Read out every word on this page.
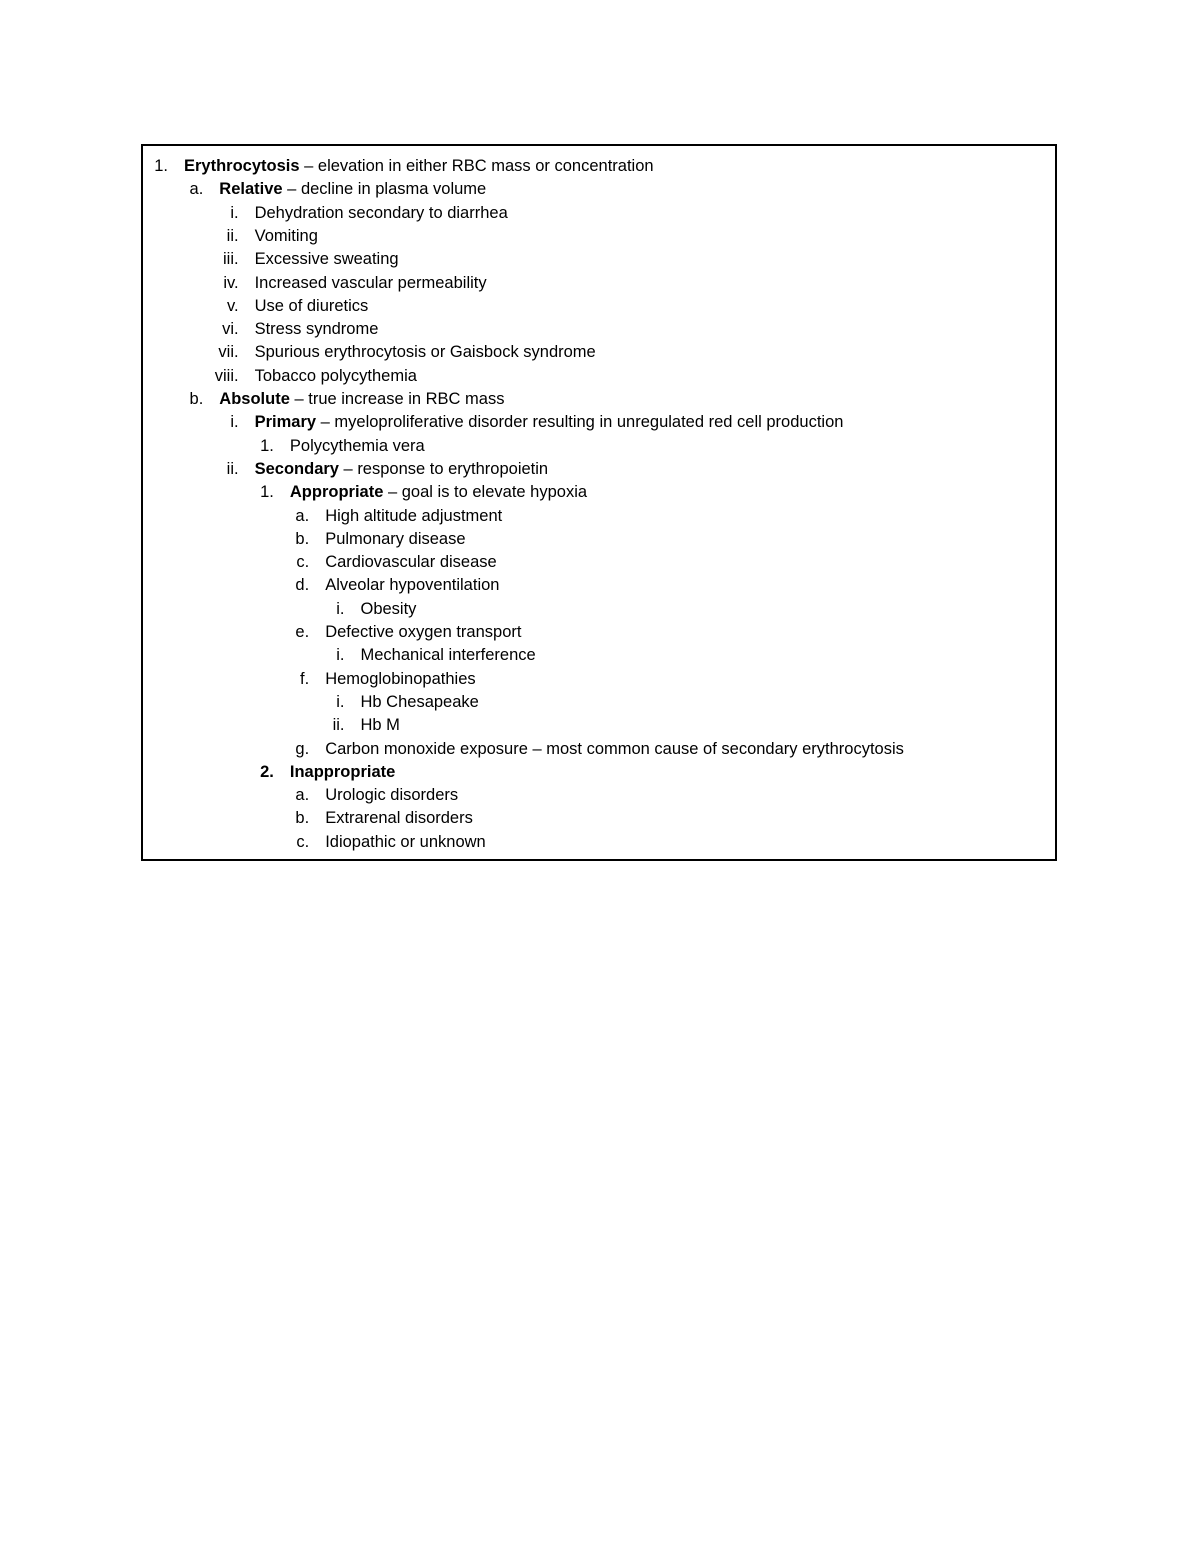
1. Erythrocytosis – elevation in either RBC mass or concentration
a. Relative – decline in plasma volume
i. Dehydration secondary to diarrhea
ii. Vomiting
iii. Excessive sweating
iv. Increased vascular permeability
v. Use of diuretics
vi. Stress syndrome
vii. Spurious erythrocytosis or Gaisbock syndrome
viii. Tobacco polycythemia
b. Absolute – true increase in RBC mass
i. Primary – myeloproliferative disorder resulting in unregulated red cell production
1. Polycythemia vera
ii. Secondary – response to erythropoietin
1. Appropriate – goal is to elevate hypoxia
a. High altitude adjustment
b. Pulmonary disease
c. Cardiovascular disease
d. Alveolar hypoventilation
i. Obesity
e. Defective oxygen transport
i. Mechanical interference
f. Hemoglobinopathies
i. Hb Chesapeake
ii. Hb M
g. Carbon monoxide exposure – most common cause of secondary erythrocytosis
2. Inappropriate
a. Urologic disorders
b. Extrarenal disorders
c. Idiopathic or unknown
